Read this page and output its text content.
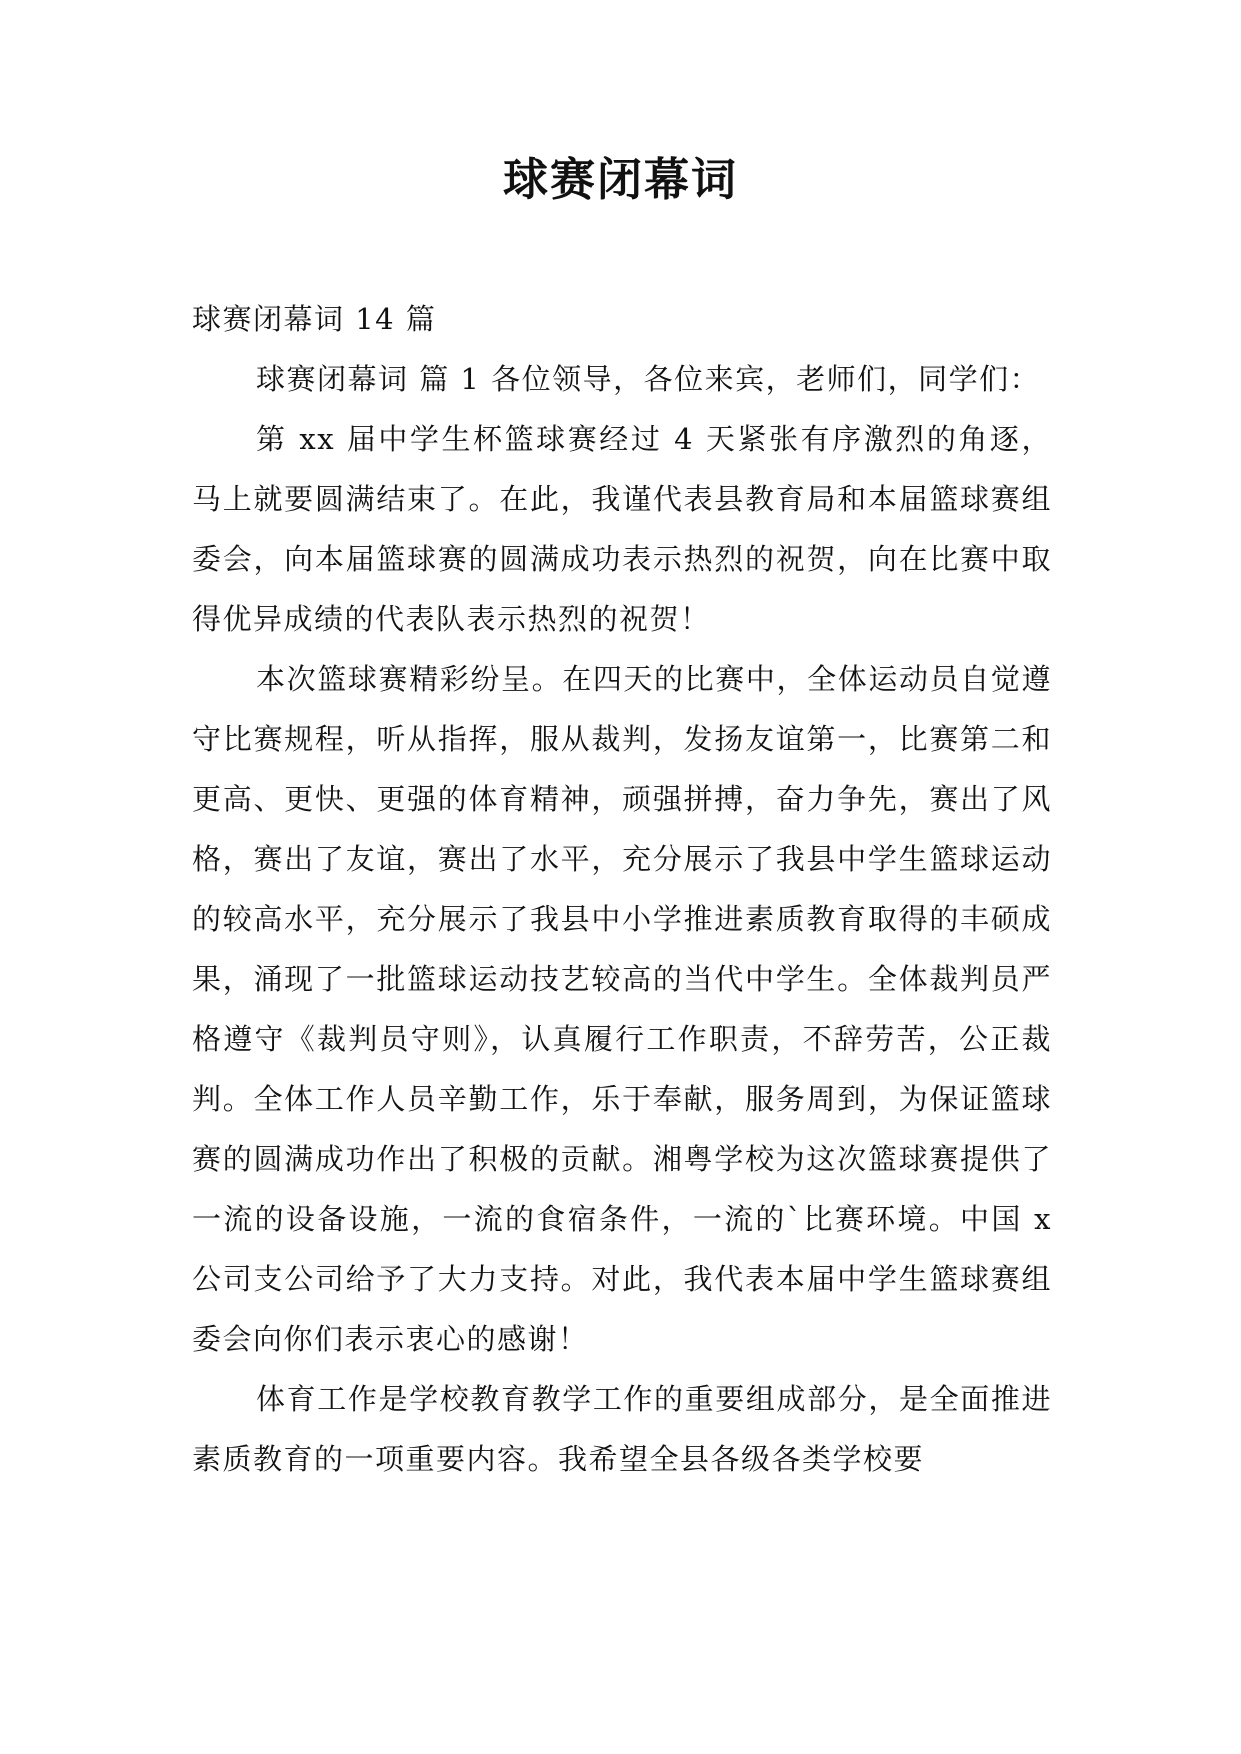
球赛闭幕词

球赛闭幕词 14 篇

球赛闭幕词 篇 1 各位领导，各位来宾，老师们，同学们：

第 xx 届中学生杯篮球赛经过 4 天紧张有序激烈的角逐，马上就要圆满结束了。在此，我谨代表县教育局和本届篮球赛组委会，向本届篮球赛的圆满成功表示热烈的祝贺，向在比赛中取得优异成绩的代表队表示热烈的祝贺！

本次篮球赛精彩纷呈。在四天的比赛中，全体运动员自觉遵守比赛规程，听从指挥，服从裁判，发扬友谊第一，比赛第二和更高、更快、更强的体育精神，顽强拼搏，奋力争先，赛出了风格，赛出了友谊，赛出了水平，充分展示了我县中学生篮球运动的较高水平，充分展示了我县中小学推进素质教育取得的丰硕成果，涌现了一批篮球运动技艺较高的当代中学生。全体裁判员严格遵守《裁判员守则》，认真履行工作职责，不辞劳苦，公正裁判。全体工作人员辛勤工作，乐于奉献，服务周到，为保证篮球赛的圆满成功作出了积极的贡献。湘粤学校为这次篮球赛提供了一流的设备设施，一流的食宿条件，一流的`比赛环境。中国 x 公司支公司给予了大力支持。对此，我代表本届中学生篮球赛组委会向你们表示衷心的感谢！

体育工作是学校教育教学工作的重要组成部分，是全面推进素质教育的一项重要内容。我希望全县各级各类学校要
